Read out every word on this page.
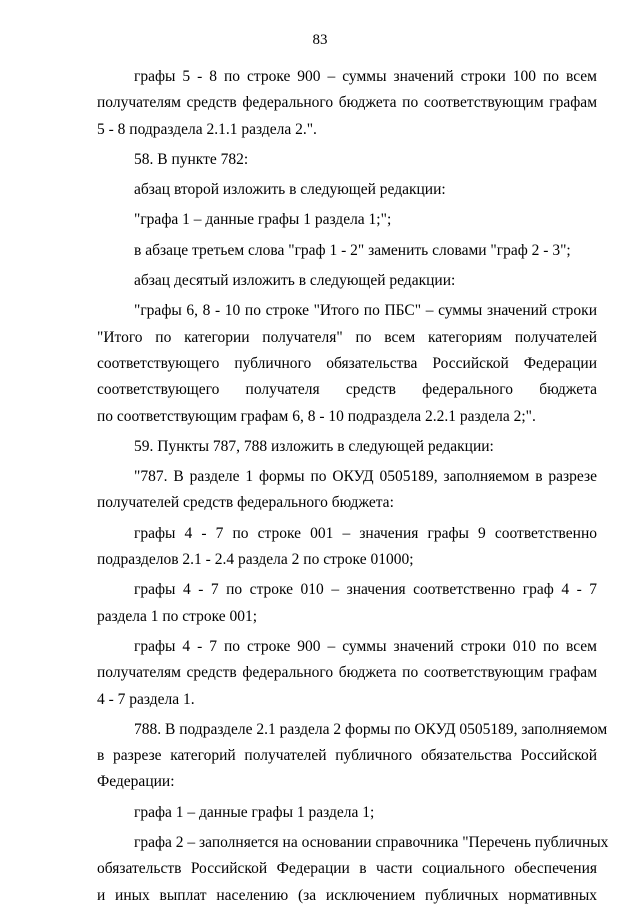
83
графы 5 - 8 по строке 900 – суммы значений строки 100 по всем
получателям средств федерального бюджета по соответствующим графам
5 - 8 подраздела 2.1.1 раздела 2.".
58. В пункте 782:
абзац второй изложить в следующей редакции:
"графа 1 – данные графы 1 раздела 1;";
в абзаце третьем слова "граф 1 - 2" заменить словами "граф 2 - 3";
абзац десятый изложить в следующей редакции:
"графы 6, 8 - 10 по строке "Итого по ПБС" – суммы значений строки
"Итого по категории получателя" по всем категориям получателей
соответствующего публичного обязательства Российской Федерации
соответствующего получателя средств федерального бюджета
по соответствующим графам 6, 8 - 10 подраздела 2.2.1 раздела 2;".
59. Пункты 787, 788 изложить в следующей редакции:
"787. В разделе 1 формы по ОКУД 0505189, заполняемом в разрезе
получателей средств федерального бюджета:
графы 4 - 7 по строке 001 – значения графы 9 соответственно
подразделов 2.1 - 2.4 раздела 2 по строке 01000;
графы 4 - 7 по строке 010 – значения соответственно граф 4 - 7
раздела 1 по строке 001;
графы 4 - 7 по строке 900 – суммы значений строки 010 по всем
получателям средств федерального бюджета по соответствующим графам
4 - 7 раздела 1.
788. В подразделе 2.1 раздела 2 формы по ОКУД 0505189, заполняемом
в разрезе категорий получателей публичного обязательства Российской
Федерации:
графа 1 – данные графы 1 раздела 1;
графа 2 – заполняется на основании справочника "Перечень публичных
обязательств Российской Федерации в части социального обеспечения
и иных выплат населению (за исключением публичных нормативных
